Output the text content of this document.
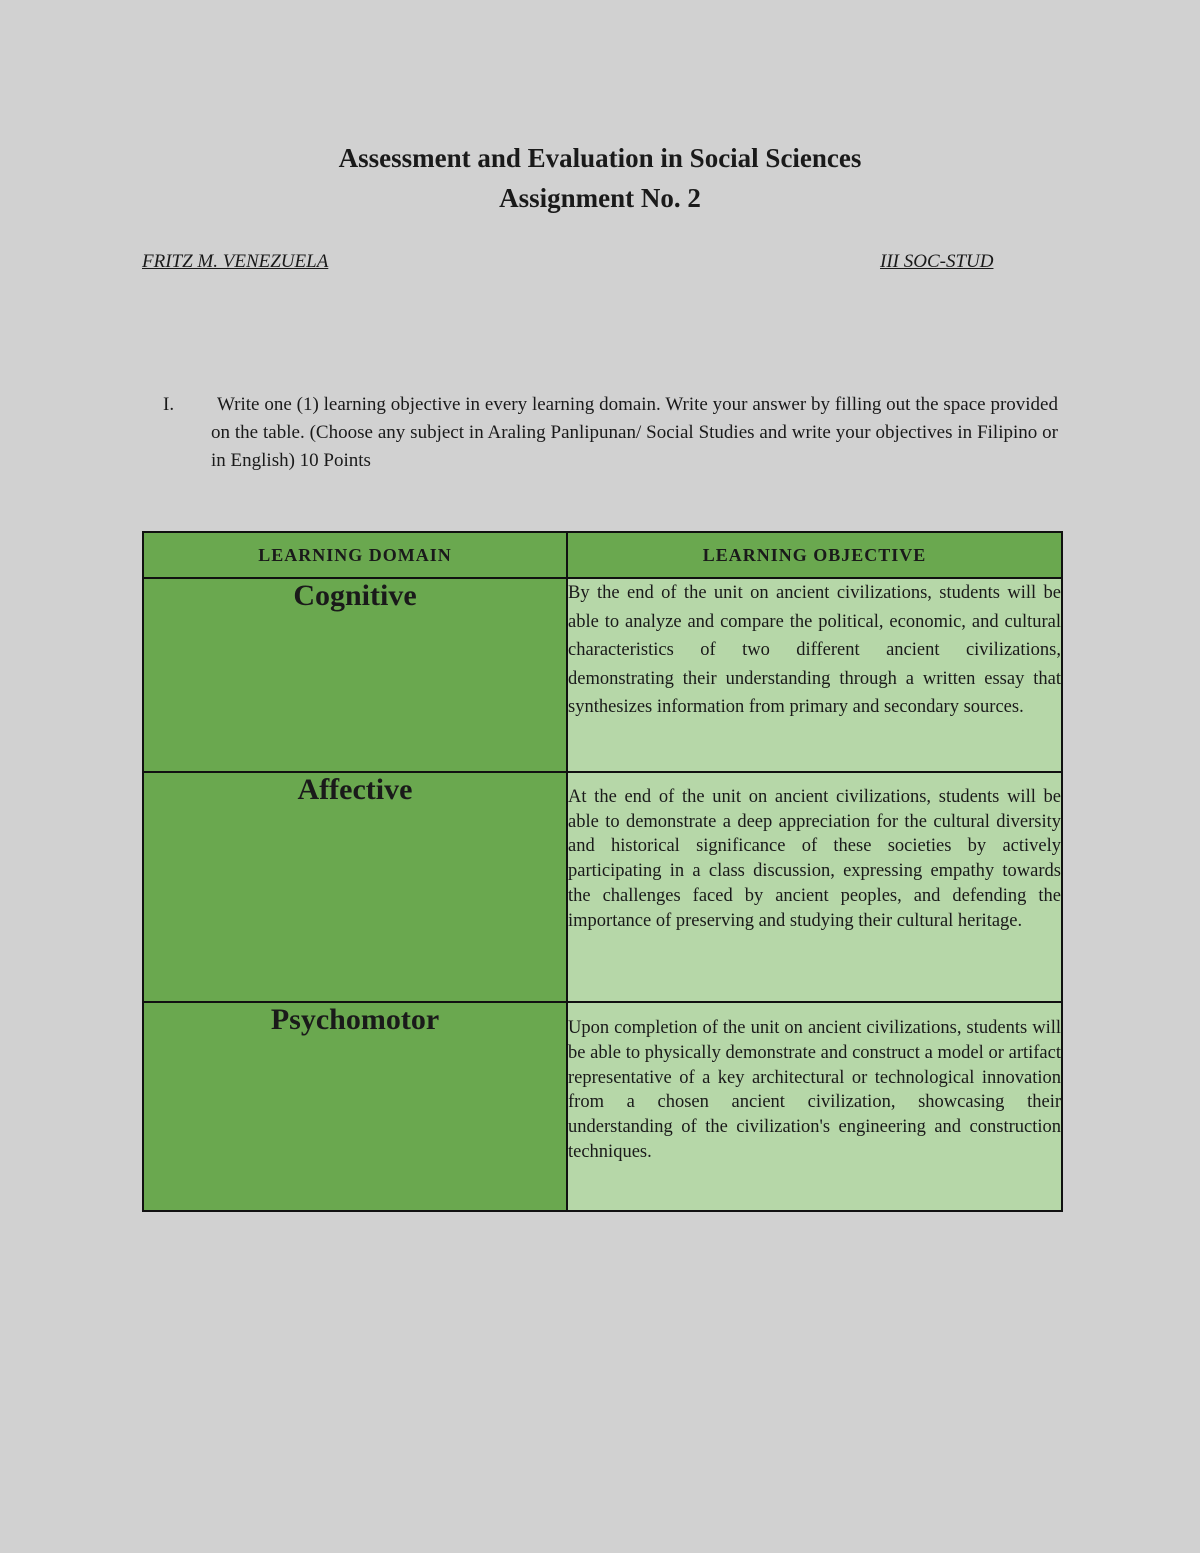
Assessment and Evaluation in Social Sciences
Assignment No. 2
FRITZ M. VENEZUELA	III SOC-STUD
I.	Write one (1) learning objective in every learning domain. Write your answer by filling out the space provided on the table. (Choose any subject in Araling Panlipunan/ Social Studies and write your objectives in Filipino or in English) 10 Points
LEARNING DOMAIN	LEARNING OBJECTIVE
Cognitive	By the end of the unit on ancient civilizations, students will be able to analyze and compare the political, economic, and cultural characteristics of two different ancient civilizations, demonstrating their understanding through a written essay that synthesizes information from primary and secondary sources.
Affective	At the end of the unit on ancient civilizations, students will be able to demonstrate a deep appreciation for the cultural diversity and historical significance of these societies by actively participating in a class discussion, expressing empathy towards the challenges faced by ancient peoples, and defending the importance of preserving and studying their cultural heritage.
Psychomotor	Upon completion of the unit on ancient civilizations, students will be able to physically demonstrate and construct a model or artifact representative of a key architectural or technological innovation from a chosen ancient civilization, showcasing their understanding of the civilization's engineering and construction techniques.
